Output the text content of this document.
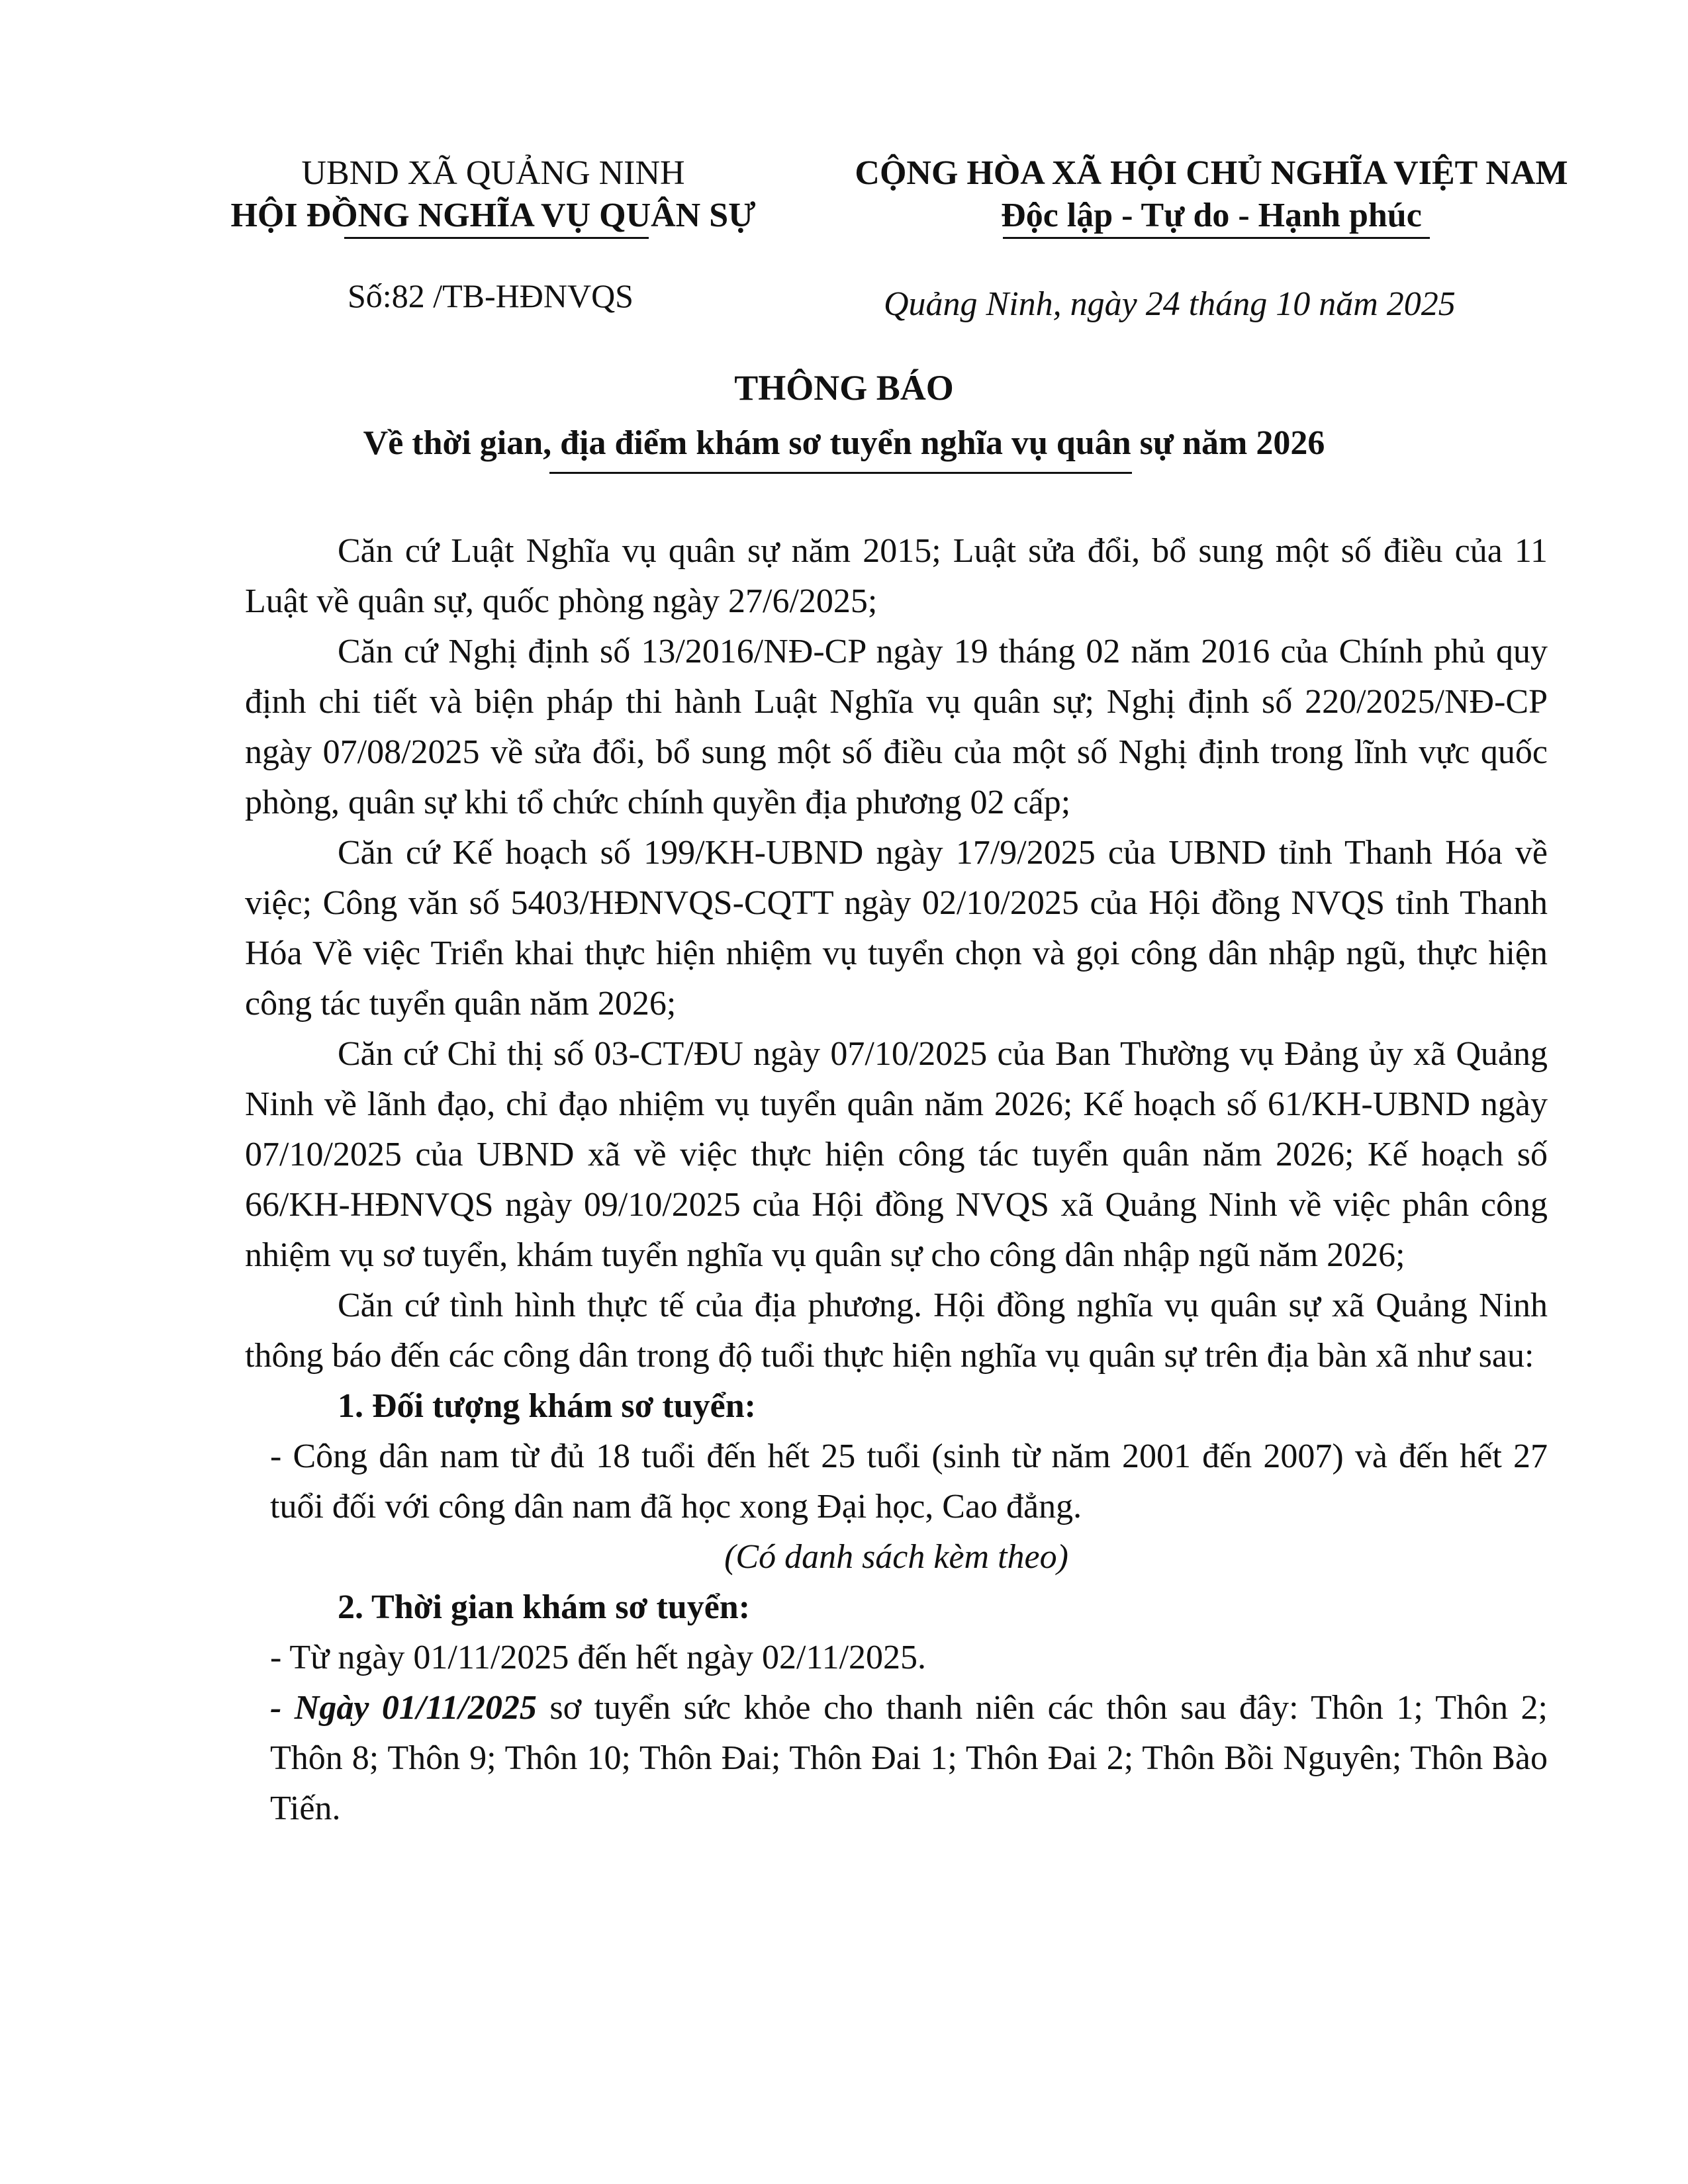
UBND XÃ QUẢNG NINH
HỘI ĐỒNG NGHĨA VỤ QUÂN SỰ
CỘNG HÒA XÃ HỘI CHỦ NGHĨA VIỆT NAM
Độc lập - Tự do - Hạnh phúc
Số:82 /TB-HĐNVQS	Quảng Ninh, ngày 24 tháng 10 năm 2025
THÔNG BÁO
Về thời gian, địa điểm khám sơ tuyển nghĩa vụ quân sự năm 2026

Căn cứ Luật Nghĩa vụ quân sự năm 2015; Luật sửa đổi, bổ sung một số điều của 11 Luật về quân sự, quốc phòng ngày 27/6/2025;

Căn cứ Nghị định số 13/2016/NĐ-CP ngày 19 tháng 02 năm 2016 của Chính phủ quy định chi tiết và biện pháp thi hành Luật Nghĩa vụ quân sự; Nghị định số 220/2025/NĐ-CP ngày 07/08/2025 về sửa đổi, bổ sung một số điều của một số Nghị định trong lĩnh vực quốc phòng, quân sự khi tổ chức chính quyền địa phương 02 cấp;

Căn cứ Kế hoạch số 199/KH-UBND ngày 17/9/2025 của UBND tỉnh Thanh Hóa về việc; Công văn số 5403/HĐNVQS-CQTT ngày 02/10/2025 của Hội đồng NVQS tỉnh Thanh Hóa Về việc Triển khai thực hiện nhiệm vụ tuyển chọn và gọi công dân nhập ngũ, thực hiện công tác tuyển quân năm 2026;

Căn cứ Chỉ thị số 03-CT/ĐU ngày 07/10/2025 của Ban Thường vụ Đảng ủy xã Quảng Ninh về lãnh đạo, chỉ đạo nhiệm vụ tuyển quân năm 2026; Kế hoạch số 61/KH-UBND ngày 07/10/2025 của UBND xã về việc thực hiện công tác tuyển quân năm 2026; Kế hoạch số 66/KH-HĐNVQS ngày 09/10/2025 của Hội đồng NVQS xã Quảng Ninh về việc phân công nhiệm vụ sơ tuyển, khám tuyển nghĩa vụ quân sự cho công dân nhập ngũ năm 2026;

Căn cứ tình hình thực tế của địa phương. Hội đồng nghĩa vụ quân sự xã Quảng Ninh thông báo đến các công dân trong độ tuổi thực hiện nghĩa vụ quân sự trên địa bàn xã như sau:

1. Đối tượng khám sơ tuyển:

- Công dân nam từ đủ 18 tuổi đến hết 25 tuổi (sinh từ năm 2001 đến 2007) và đến hết 27 tuổi đối với công dân nam đã học xong Đại học, Cao đẳng.

(Có danh sách kèm theo)

2. Thời gian khám sơ tuyển:

- Từ ngày 01/11/2025 đến hết ngày 02/11/2025.

- Ngày 01/11/2025 sơ tuyển sức khỏe cho thanh niên các thôn sau đây: Thôn 1; Thôn 2; Thôn 8; Thôn 9; Thôn 10; Thôn Đai; Thôn Đai 1; Thôn Đai 2; Thôn Bồi Nguyên; Thôn Bào Tiến.
